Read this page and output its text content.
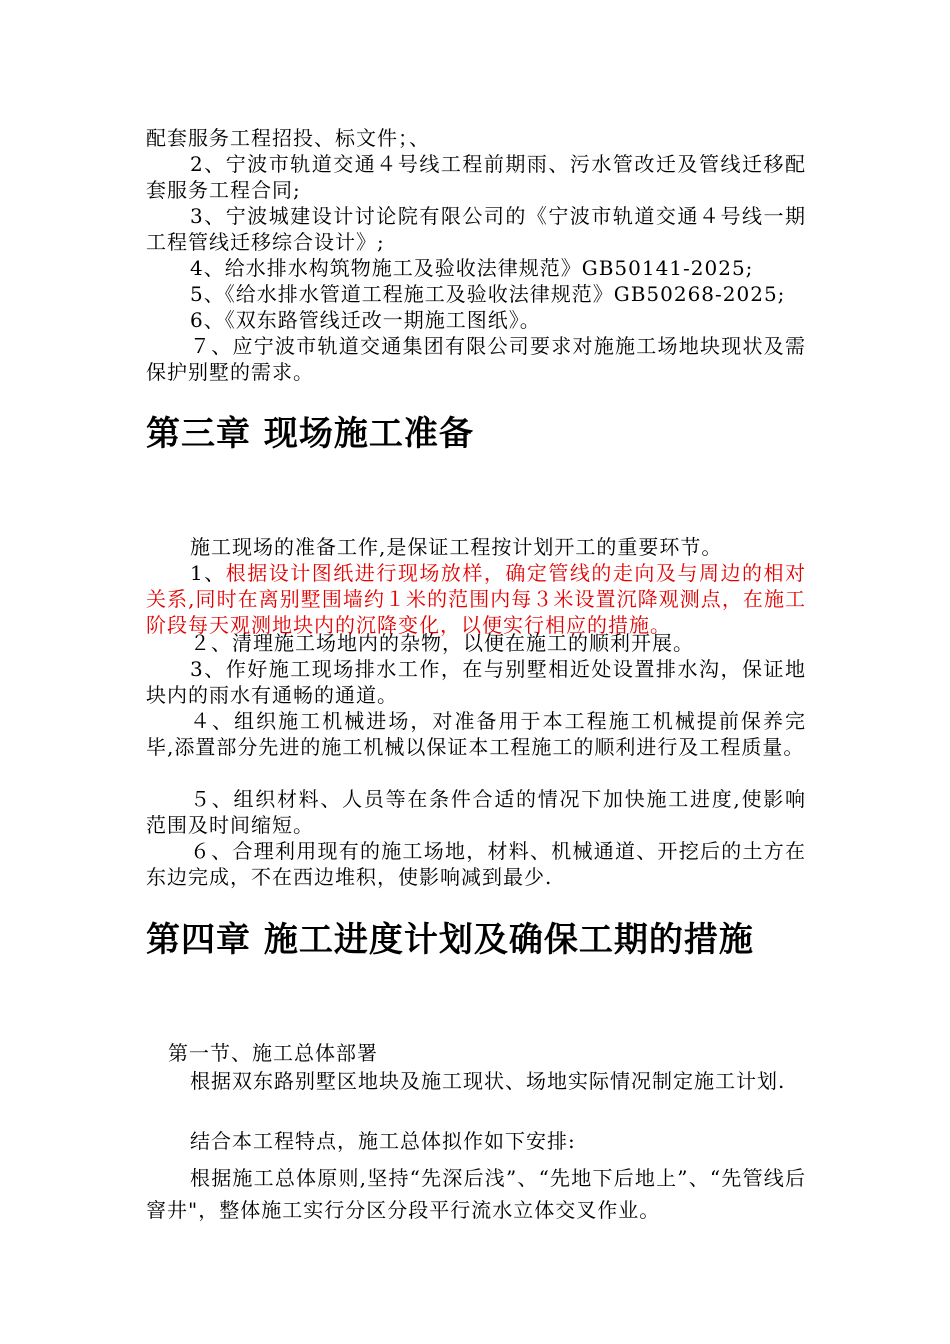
配套服务工程招投、标文件；、

2、宁波市轨道交通４号线工程前期雨、污水管改迁及管线迁移配套服务工程合同;

3、宁波城建设计讨论院有限公司的《宁波市轨道交通４号线一期工程管线迁移综合设计》;

4、给水排水构筑物施工及验收法律规范》GB50141-2025;

5、《给水排水管道工程施工及验收法律规范》GB50268-2025;

6、《双东路管线迁改一期施工图纸》。

７、应宁波市轨道交通集团有限公司要求对施施工场地块现状及需保护别墅的需求。

第三章 现场施工准备

施工现场的准备工作,是保证工程按计划开工的重要环节。

1、根据设计图纸进行现场放样，确定管线的走向及与周边的相对关系,同时在离别墅围墙约１米的范围内每３米设置沉降观测点，在施工阶段每天观测地块内的沉降变化，以便实行相应的措施。

２、清理施工场地内的杂物，以便在施工的顺利开展。

3、作好施工现场排水工作，在与别墅相近处设置排水沟，保证地块内的雨水有通畅的通道。

４、组织施工机械进场，对准备用于本工程施工机械提前保养完毕,添置部分先进的施工机械以保证本工程施工的顺利进行及工程质量。

５、组织材料、人员等在条件合适的情况下加快施工进度,使影响范围及时间缩短。

６、合理利用现有的施工场地，材料、机械通道、开挖后的土方在东边完成，不在西边堆积，使影响减到最少.

第四章 施工进度计划及确保工期的措施

第一节、施工总体部署

根据双东路别墅区地块及施工现状、场地实际情况制定施工计划.

结合本工程特点，施工总体拟作如下安排:

根据施工总体原则,坚持“先深后浅”、“先地下后地上”、“先管线后窨井"，整体施工实行分区分段平行流水立体交叉作业。
